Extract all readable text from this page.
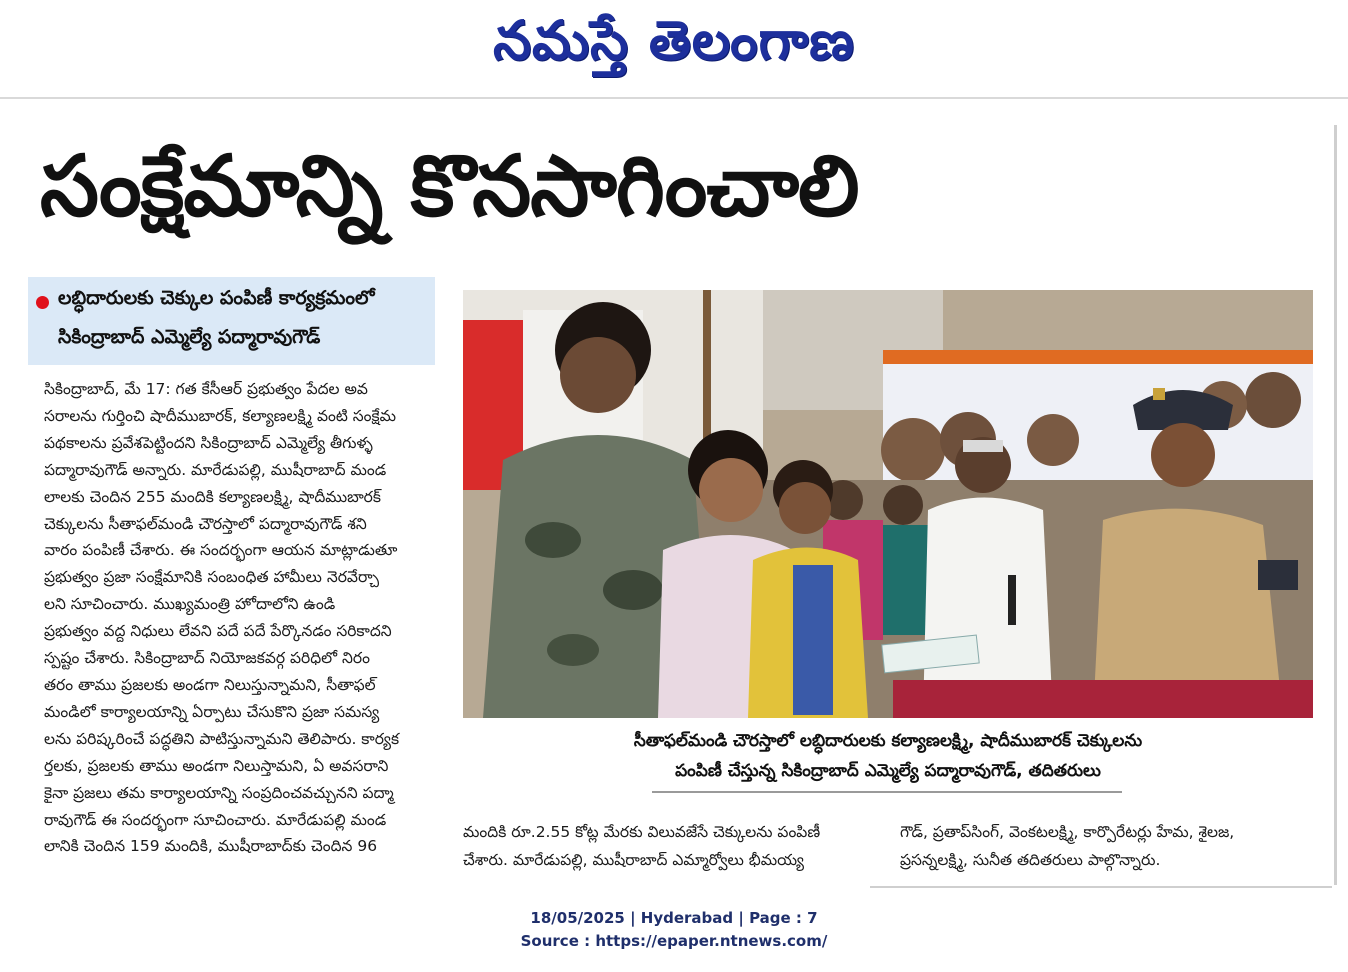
నమస్తే తెలంగాణ
సంక్షేమాన్ని కొనసాగించాలి
లబ్ధిదారులకు చెక్కుల పంపిణీ కార్యక్రమంలో
సికింద్రాబాద్ ఎమ్మెల్యే పద్మారావుగౌడ్
సికింద్రాబాద్, మే 17: గత కేసీఆర్ ప్రభుత్వం పేదల అవ
సరాలను గుర్తించి షాదీముబారక్, కల్యాణలక్ష్మి వంటి సంక్షేమ
పథకాలను ప్రవేశపెట్టిందని సికింద్రాబాద్ ఎమ్మెల్యే తీగుళ్ళ
పద్మారావుగౌడ్ అన్నారు. మారేడుపల్లి, ముషీరాబాద్ మండ
లాలకు చెందిన 255 మందికి కల్యాణలక్ష్మి, షాదీముబారక్
చెక్కులను సీతాఫల్‌మండి చౌరస్తాలో పద్మారావుగౌడ్ శని
వారం పంపిణీ చేశారు. ఈ సందర్భంగా ఆయన మాట్లాడుతూ
ప్రభుత్వం ప్రజా సంక్షేమానికి సంబంధిత హామీలు నెరవేర్చా
లని సూచించారు. ముఖ్యమంత్రి హోదాలోని ఉండి
ప్రభుత్వం వద్ద నిధులు లేవని పదే పదే పేర్కొనడం సరికాదని
స్పష్టం చేశారు. సికింద్రాబాద్ నియోజకవర్గ పరిధిలో నిరం
తరం తాము ప్రజలకు అండగా నిలుస్తున్నామని, సీతాఫల్
మండిలో కార్యాలయాన్ని ఏర్పాటు చేసుకొని ప్రజా సమస్య
లను పరిష్కరించే పద్ధతిని పాటిస్తున్నామని తెలిపారు. కార్యక
ర్తలకు, ప్రజలకు తాము అండగా నిలుస్తామని, ఏ అవసరాని
కైనా ప్రజలు తమ కార్యాలయాన్ని సంప్రదించవచ్చునని పద్మా
రావుగౌడ్ ఈ సందర్భంగా సూచించారు. మారేడుపల్లి మండ
లానికి చెందిన 159 మందికి, ముషీరాబాద్‌కు చెందిన 96
సీతాఫల్‌మండి చౌరస్తాలో లబ్ధిదారులకు కల్యాణలక్ష్మి, షాదీముబారక్ చెక్కులను
పంపిణీ చేస్తున్న సికింద్రాబాద్ ఎమ్మెల్యే పద్మారావుగౌడ్, తదితరులు
మందికి రూ.2.55 కోట్ల మేరకు విలువజేసే చెక్కులను పంపిణీ
చేశారు. మారేడుపల్లి, ముషీరాబాద్ ఎమ్మార్వోలు భీమయ్య
గౌడ్, ప్రతాప్‌సింగ్, వెంకటలక్ష్మి, కార్పొరేటర్లు హేమ, శైలజ,
ప్రసన్నలక్ష్మి, సునీత తదితరులు పాల్గొన్నారు.
18/05/2025 | Hyderabad | Page : 7
Source : https://epaper.ntnews.com/
